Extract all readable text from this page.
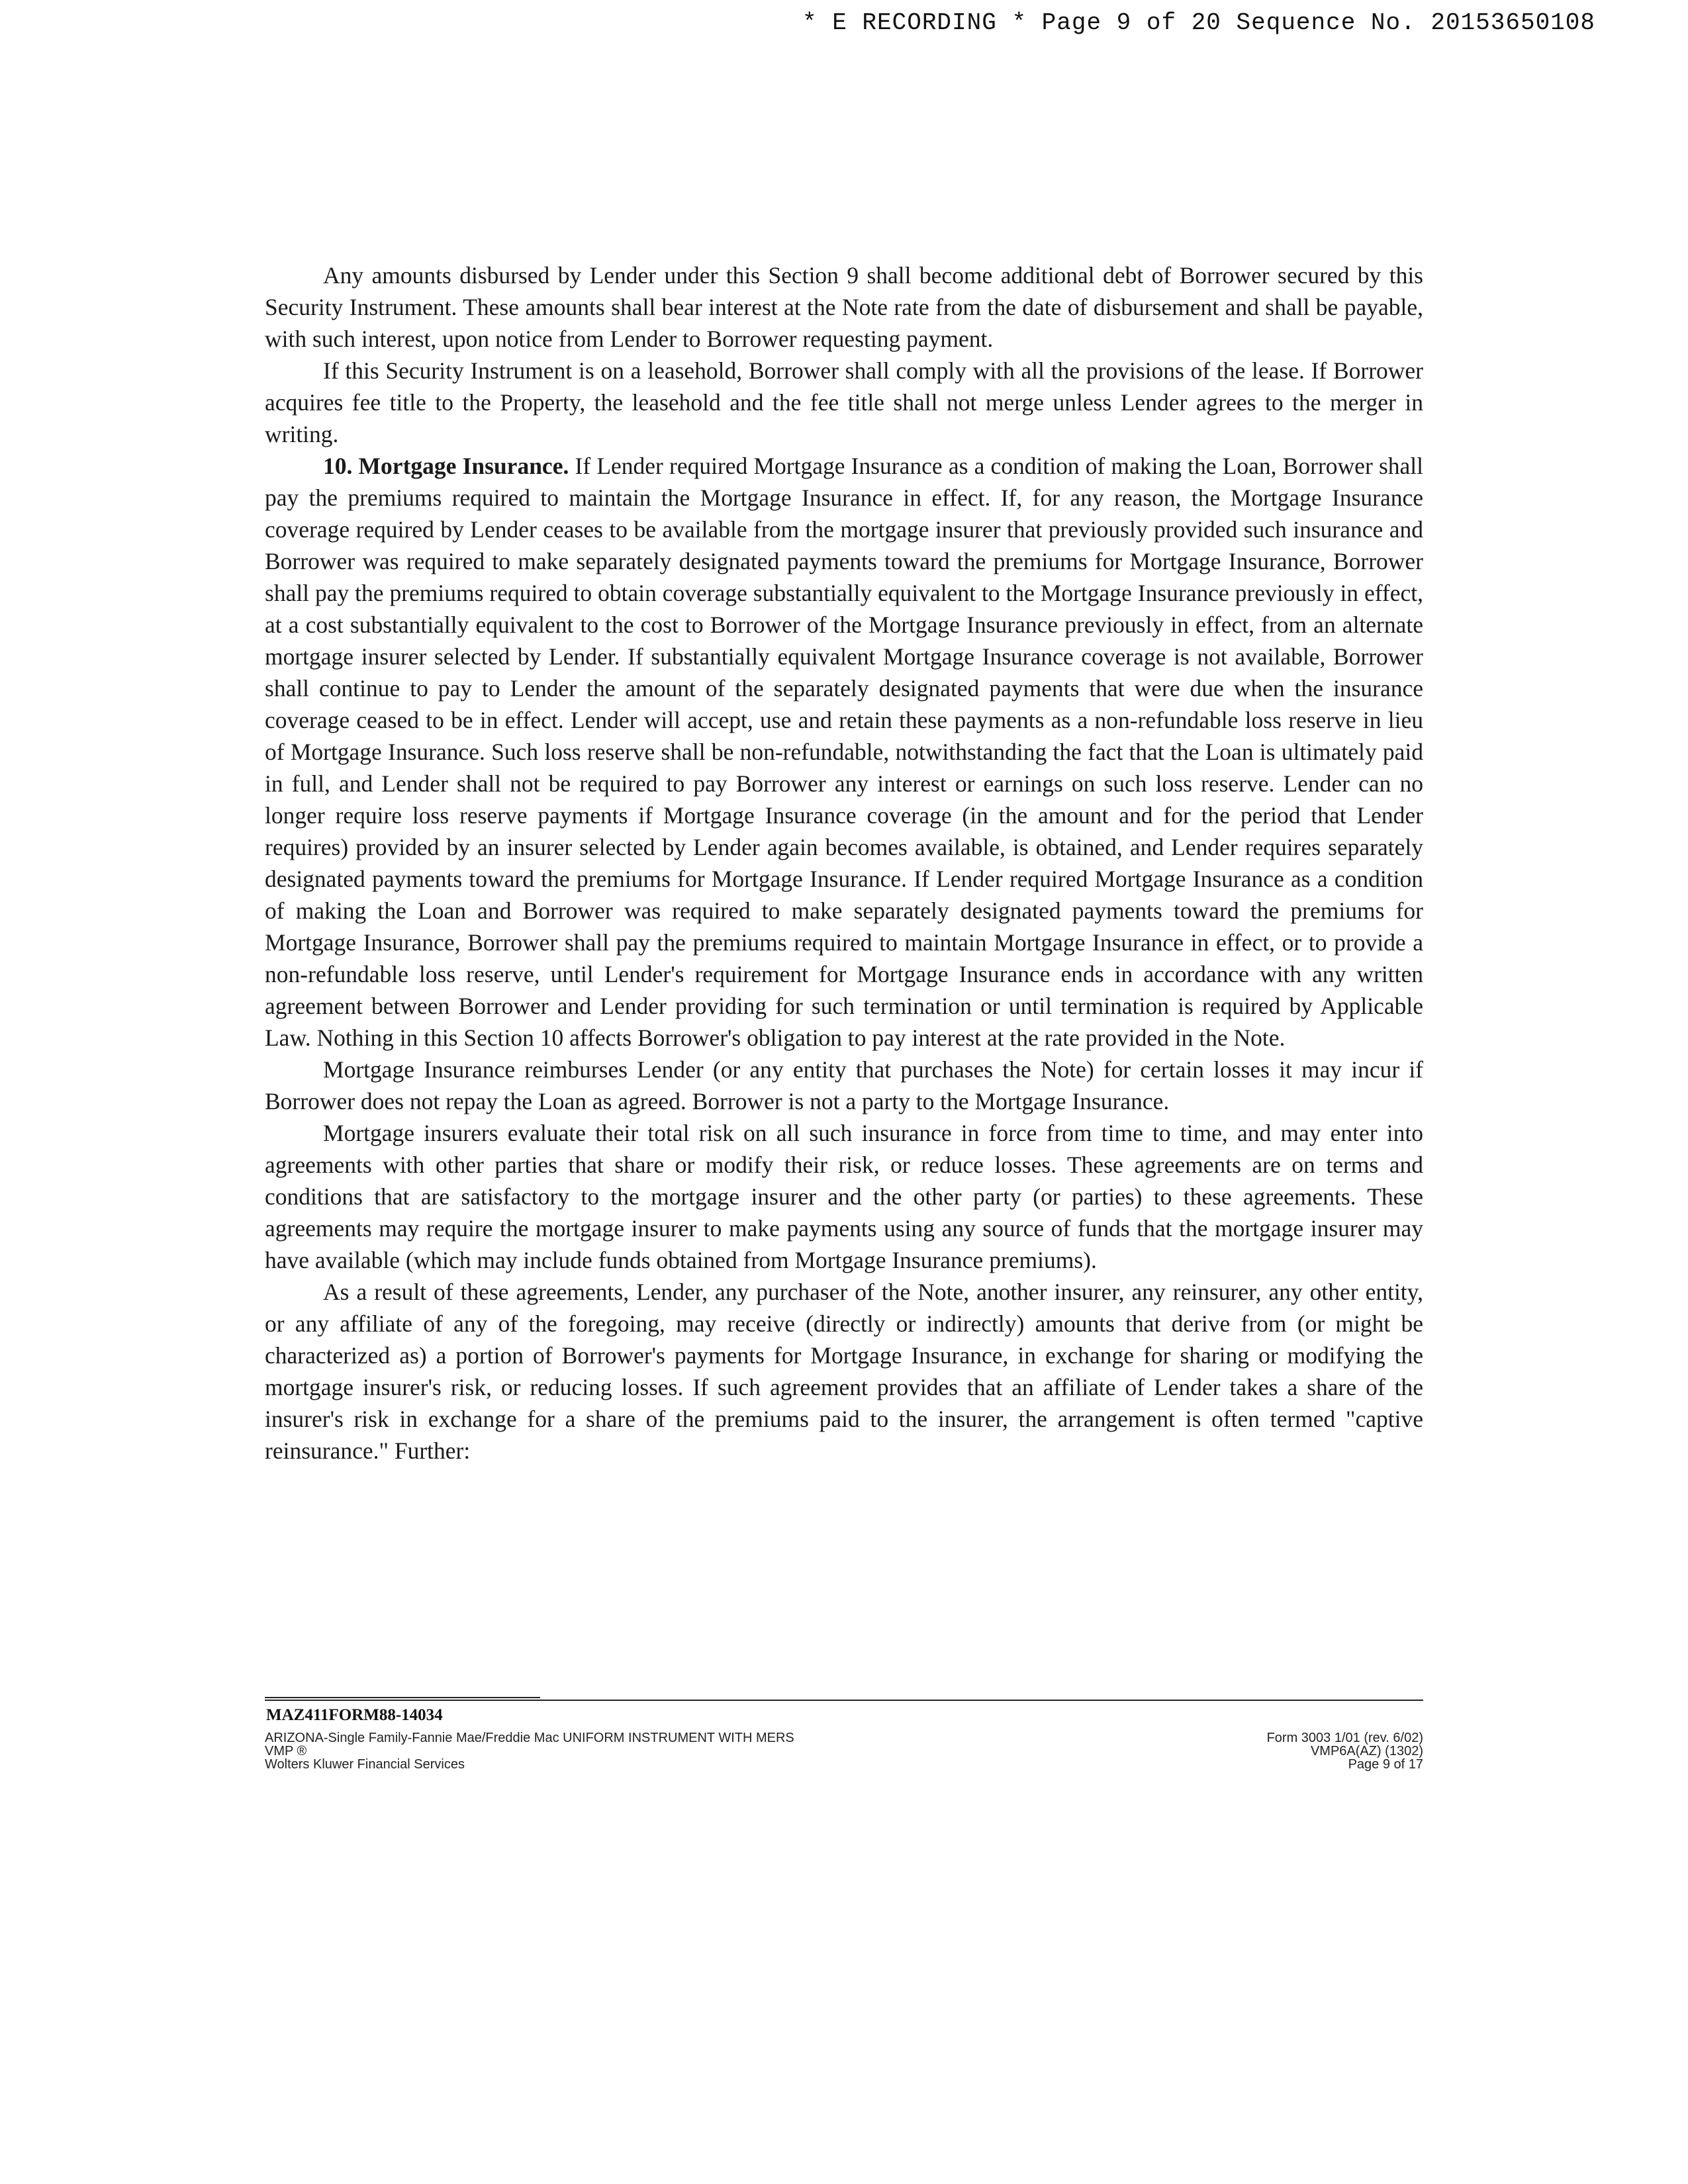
* E RECORDING * Page 9 of 20 Sequence No. 20153650108

Any amounts disbursed by Lender under this Section 9 shall become additional debt of Borrower secured by this Security Instrument. These amounts shall bear interest at the Note rate from the date of disbursement and shall be payable, with such interest, upon notice from Lender to Borrower requesting payment.

If this Security Instrument is on a leasehold, Borrower shall comply with all the provisions of the lease. If Borrower acquires fee title to the Property, the leasehold and the fee title shall not merge unless Lender agrees to the merger in writing.

10. Mortgage Insurance. If Lender required Mortgage Insurance as a condition of making the Loan, Borrower shall pay the premiums required to maintain the Mortgage Insurance in effect. If, for any reason, the Mortgage Insurance coverage required by Lender ceases to be available from the mortgage insurer that previously provided such insurance and Borrower was required to make separately designated payments toward the premiums for Mortgage Insurance, Borrower shall pay the premiums required to obtain coverage substantially equivalent to the Mortgage Insurance previously in effect, at a cost substantially equivalent to the cost to Borrower of the Mortgage Insurance previously in effect, from an alternate mortgage insurer selected by Lender. If substantially equivalent Mortgage Insurance coverage is not available, Borrower shall continue to pay to Lender the amount of the separately designated payments that were due when the insurance coverage ceased to be in effect. Lender will accept, use and retain these payments as a non-refundable loss reserve in lieu of Mortgage Insurance. Such loss reserve shall be non-refundable, notwithstanding the fact that the Loan is ultimately paid in full, and Lender shall not be required to pay Borrower any interest or earnings on such loss reserve. Lender can no longer require loss reserve payments if Mortgage Insurance coverage (in the amount and for the period that Lender requires) provided by an insurer selected by Lender again becomes available, is obtained, and Lender requires separately designated payments toward the premiums for Mortgage Insurance. If Lender required Mortgage Insurance as a condition of making the Loan and Borrower was required to make separately designated payments toward the premiums for Mortgage Insurance, Borrower shall pay the premiums required to maintain Mortgage Insurance in effect, or to provide a non-refundable loss reserve, until Lender's requirement for Mortgage Insurance ends in accordance with any written agreement between Borrower and Lender providing for such termination or until termination is required by Applicable Law. Nothing in this Section 10 affects Borrower's obligation to pay interest at the rate provided in the Note.

Mortgage Insurance reimburses Lender (or any entity that purchases the Note) for certain losses it may incur if Borrower does not repay the Loan as agreed. Borrower is not a party to the Mortgage Insurance.

Mortgage insurers evaluate their total risk on all such insurance in force from time to time, and may enter into agreements with other parties that share or modify their risk, or reduce losses. These agreements are on terms and conditions that are satisfactory to the mortgage insurer and the other party (or parties) to these agreements. These agreements may require the mortgage insurer to make payments using any source of funds that the mortgage insurer may have available (which may include funds obtained from Mortgage Insurance premiums).

As a result of these agreements, Lender, any purchaser of the Note, another insurer, any reinsurer, any other entity, or any affiliate of any of the foregoing, may receive (directly or indirectly) amounts that derive from (or might be characterized as) a portion of Borrower's payments for Mortgage Insurance, in exchange for sharing or modifying the mortgage insurer's risk, or reducing losses. If such agreement provides that an affiliate of Lender takes a share of the insurer's risk in exchange for a share of the premiums paid to the insurer, the arrangement is often termed "captive reinsurance." Further:

MAZ411FORM88-14034
ARIZONA-Single Family-Fannie Mae/Freddie Mac UNIFORM INSTRUMENT WITH MERS
VMP ®
Wolters Kluwer Financial Services
Form 3003 1/01 (rev. 6/02)
VMP6A(AZ) (1302)
Page 9 of 17
